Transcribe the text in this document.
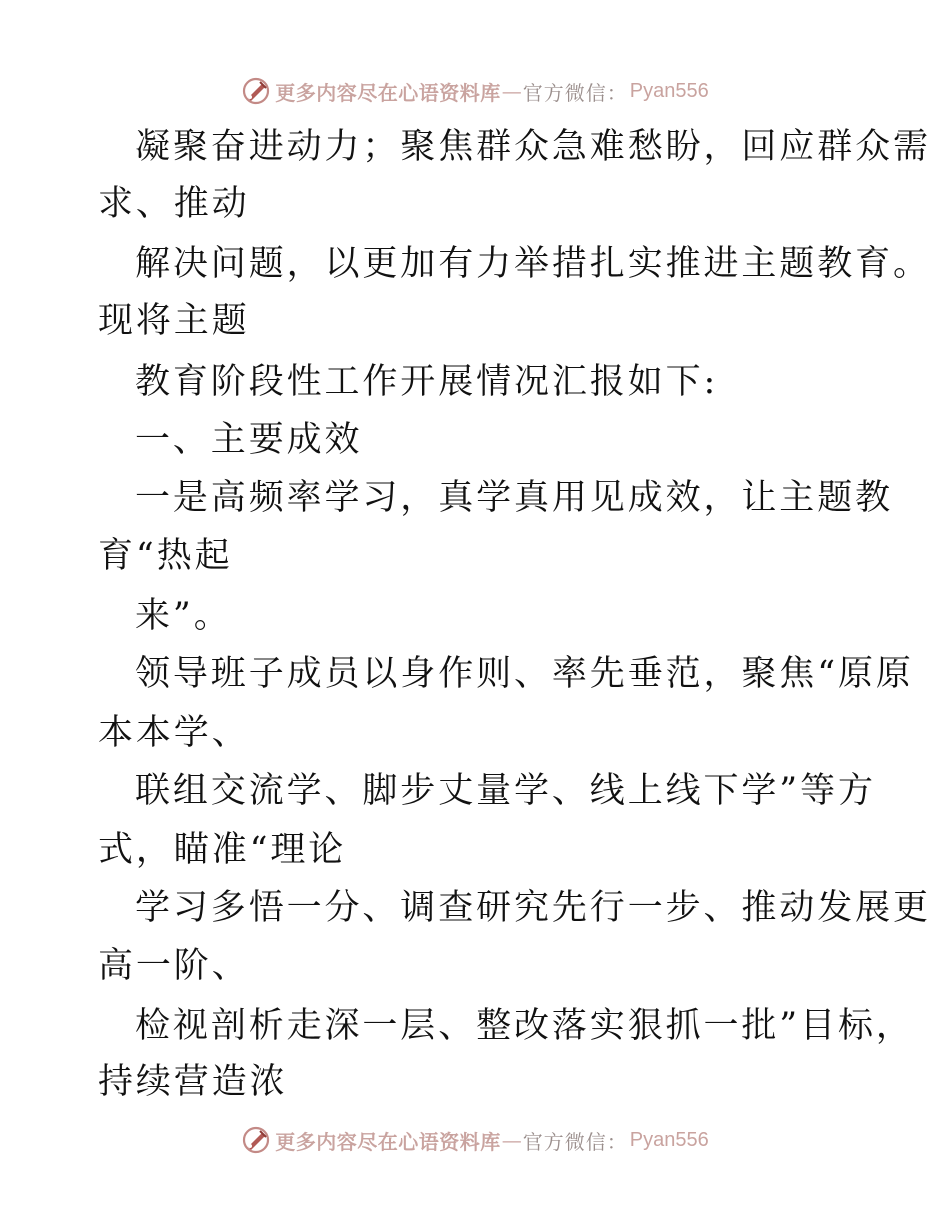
更多内容尽在心语资料库 — 官方微信： Pyan556
凝聚奋进动力；聚焦群众急难愁盼，回应群众需
求、推动
解决问题，以更加有力举措扎实推进主题教育。
现将主题
教育阶段性工作开展情况汇报如下:
一、主要成效
一是高频率学习，真学真用见成效，让主题教
育“热起
来”。
领导班子成员以身作则、率先垂范，聚焦“原原
本本学、
联组交流学、脚步丈量学、线上线下学”等方
式，瞄准“理论
学习多悟一分、调查研究先行一步、推动发展更
高一阶、
检视剖析走深一层、整改落实狠抓一批”目标，
持续营造浓
更多内容尽在心语资料库 — 官方微信： Pyan556
